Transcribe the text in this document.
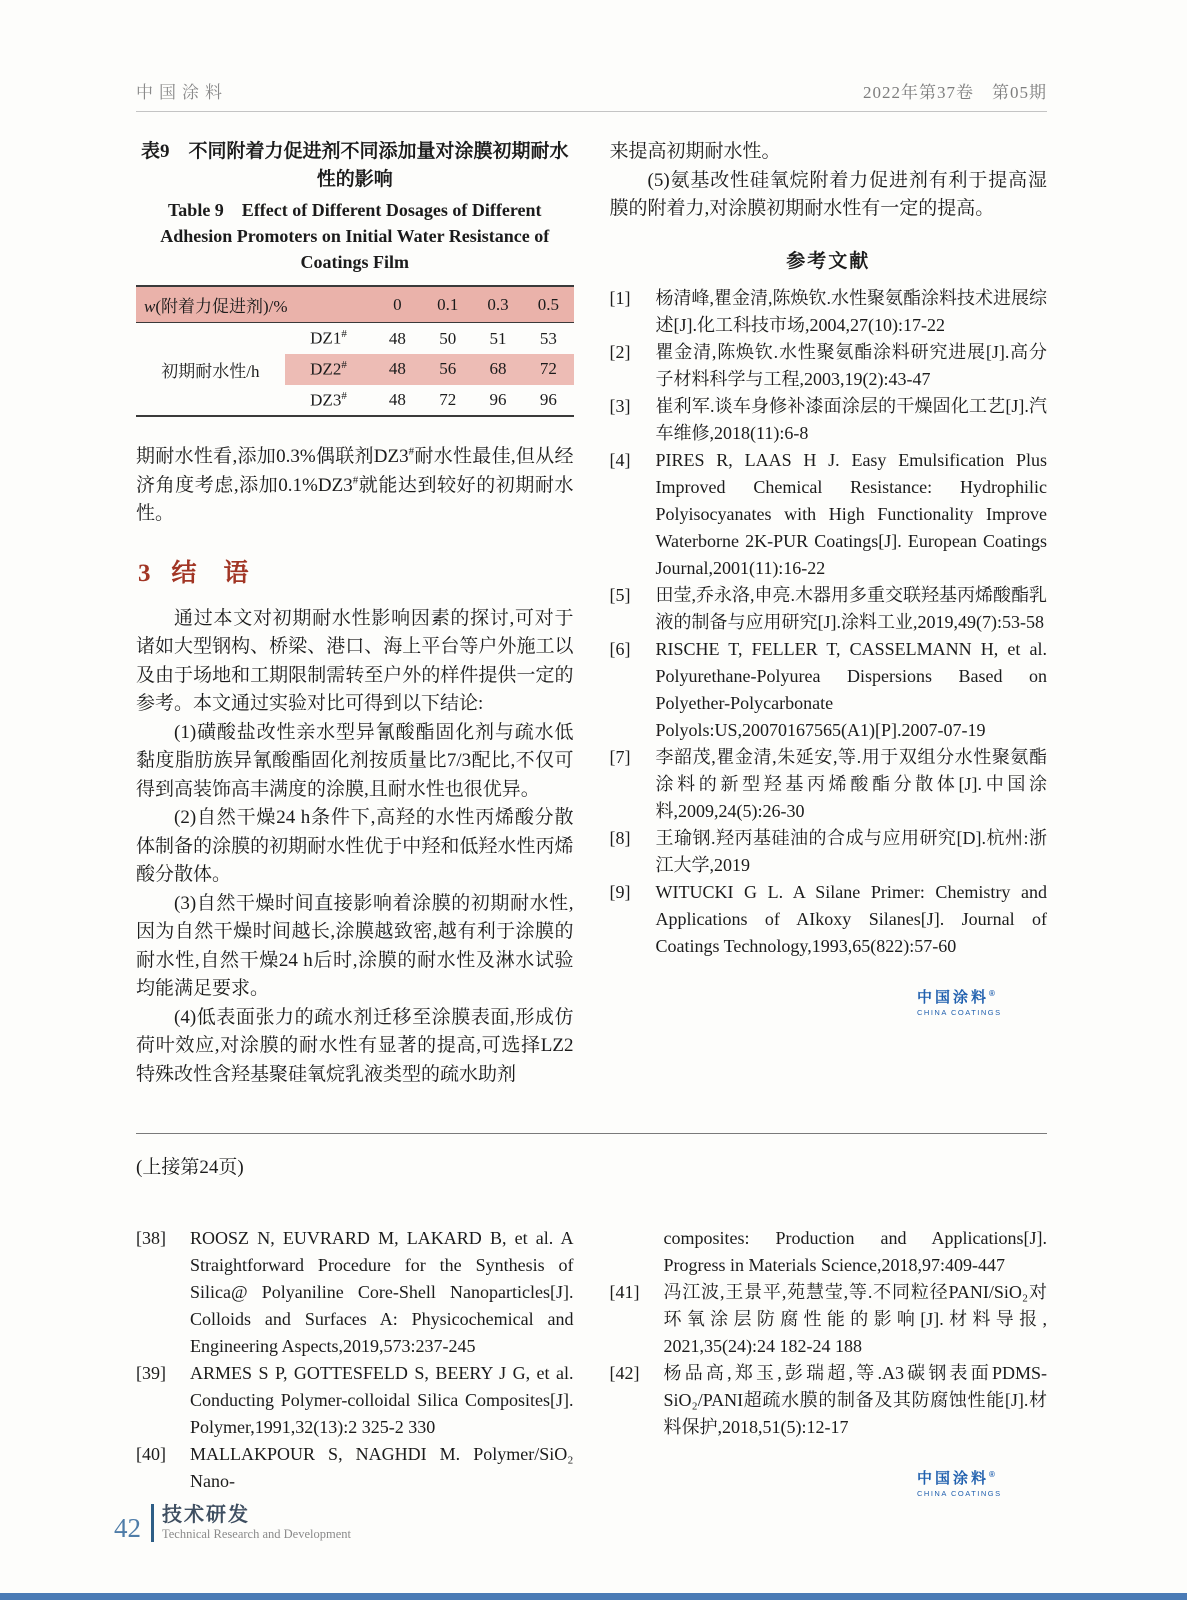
中国涂料	2022年第37卷　第05期
表9　不同附着力促进剂不同添加量对涂膜初期耐水性的影响
Table 9　Effect of Different Dosages of Different Adhesion Promoters on Initial Water Resistance of Coatings Film
w(附着力促进剂)/%		0	0.1	0.3	0.5
初期耐水性/h	DZ1#	48	50	51	53
	DZ2#	48	56	68	72
	DZ3#	48	72	96	96

期耐水性看,添加0.3%偶联剂DZ3#耐水性最佳,但从经济角度考虑,添加0.1%DZ3#就能达到较好的初期耐水性。

3 结　语

通过本文对初期耐水性影响因素的探讨,可对于诸如大型钢构、桥梁、港口、海上平台等户外施工以及由于场地和工期限制需转至户外的样件提供一定的参考。本文通过实验对比可得到以下结论:

(1)磺酸盐改性亲水型异氰酸酯固化剂与疏水低黏度脂肪族异氰酸酯固化剂按质量比7/3配比,不仅可得到高装饰高丰满度的涂膜,且耐水性也很优异。

(2)自然干燥24 h条件下,高羟的水性丙烯酸分散体制备的涂膜的初期耐水性优于中羟和低羟水性丙烯酸分散体。

(3)自然干燥时间直接影响着涂膜的初期耐水性,因为自然干燥时间越长,涂膜越致密,越有利于涂膜的耐水性,自然干燥24 h后时,涂膜的耐水性及淋水试验均能满足要求。

(4)低表面张力的疏水剂迁移至涂膜表面,形成仿荷叶效应,对涂膜的耐水性有显著的提高,可选择LZ2特殊改性含羟基聚硅氧烷乳液类型的疏水助剂

来提高初期耐水性。

(5)氨基改性硅氧烷附着力促进剂有利于提高湿膜的附着力,对涂膜初期耐水性有一定的提高。

参考文献
[1]	杨清峰,瞿金清,陈焕钦.水性聚氨酯涂料技术进展综述[J].化工科技市场,2004,27(10):17-22
[2]	瞿金清,陈焕钦.水性聚氨酯涂料研究进展[J].高分子材料科学与工程,2003,19(2):43-47
[3]	崔利军.谈车身修补漆面涂层的干燥固化工艺[J].汽车维修,2018(11):6-8
[4]	PIRES R, LAAS H J. Easy Emulsification Plus Improved Chemical Resistance: Hydrophilic Polyisocyanates with High Functionality Improve Waterborne 2K-PUR Coatings[J]. European Coatings Journal,2001(11):16-22
[5]	田莹,乔永洛,申亮.木器用多重交联羟基丙烯酸酯乳液的制备与应用研究[J].涂料工业,2019,49(7):53-58
[6]	RISCHE T, FELLER T, CASSELMANN H, et al. Polyurethane-Polyurea Dispersions Based on Polyether-Polycarbonate Polyols:US,20070167565(A1)[P].2007-07-19
[7]	李韶茂,瞿金清,朱延安,等.用于双组分水性聚氨酯涂料的新型羟基丙烯酸酯分散体[J].中国涂料,2009,24(5):26-30
[8]	王瑜钢.羟丙基硅油的合成与应用研究[D].杭州:浙江大学,2019
[9]	WITUCKI G L. A Silane Primer: Chemistry and Applications of AIkoxy Silanes[J]. Journal of Coatings Technology,1993,65(822):57-60
中国涂料®
CHINA COATINGS
(上接第24页)
[38]	ROOSZ N, EUVRARD M, LAKARD B, et al. A Straightforward Procedure for the Synthesis of Silica@ Polyaniline Core-Shell Nanoparticles[J]. Colloids and Surfaces A: Physicochemical and Engineering Aspects,2019,573:237-245
[39]	ARMES S P, GOTTESFELD S, BEERY J G, et al. Conducting Polymer-colloidal Silica Composites[J]. Polymer,1991,32(13):2 325-2 330
[40]	MALLAKPOUR S, NAGHDI M. Polymer/SiO₂ Nano-
composites: Production and Applications[J]. Progress in Materials Science,2018,97:409-447
[41]	冯江波,王景平,苑慧莹,等.不同粒径PANI/SiO₂对环氧涂层防腐性能的影响[J].材料导报, 2021,35(24):24 182-24 188
[42]	杨品高,郑玉,彭瑞超,等.A3碳钢表面PDMS-SiO₂/PANI超疏水膜的制备及其防腐蚀性能[J].材料保护,2018,51(5):12-17
中国涂料®
CHINA COATINGS
42 技术研发
Technical Research and Development
